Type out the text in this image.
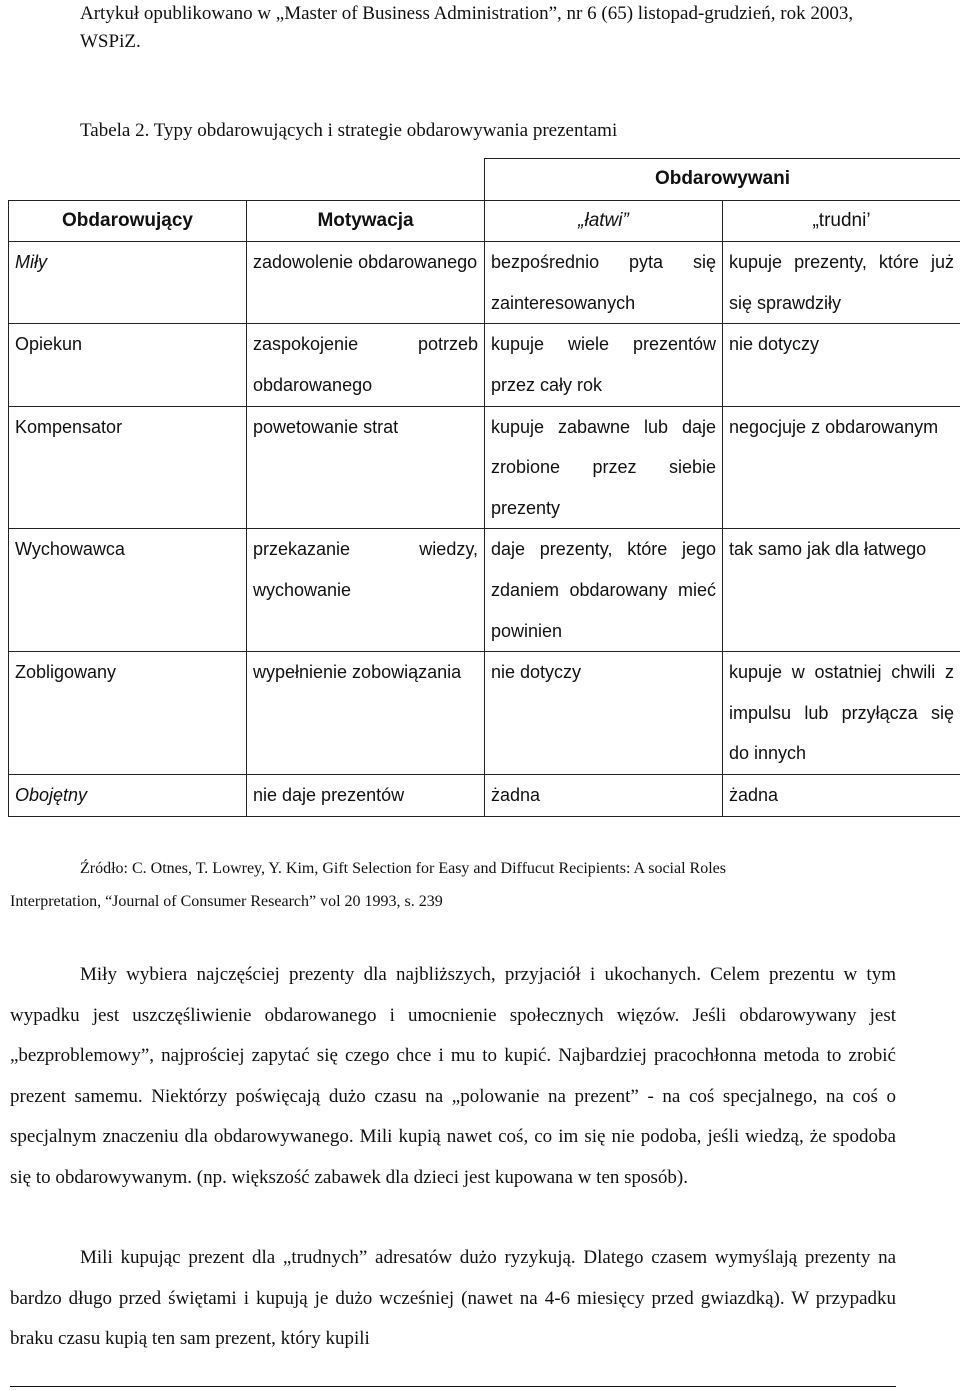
Artykuł opublikowano w „Master of Business Administration”, nr 6 (65) listopad-grudzień, rok 2003, WSPiZ.
Tabela 2. Typy obdarowujących i strategie obdarowywania prezentami
		Obdarowywani	
Obdarowujący	Motywacja	„łatwi”	„trudni’
Miły	zadowolenie obdarowanego	bezpośrednio pyta się zainteresowanych	kupuje prezenty, które już się sprawdziły
Opiekun	zaspokojenie potrzeb obdarowanego	kupuje wiele prezentów przez cały rok	nie dotyczy
Kompensator	powetowanie strat	kupuje zabawne lub daje zrobione przez siebie prezenty	negocjuje z obdarowanym
Wychowawca	przekazanie wiedzy, wychowanie	daje prezenty, które jego zdaniem obdarowany mieć powinien	tak samo jak dla łatwego
Zobligowany	wypełnienie zobowiązania	nie dotyczy	kupuje w ostatniej chwili z impulsu lub przyłącza się do innych
Obojętny	nie daje prezentów	żadna	żadna
Źródło: C. Otnes, T. Lowrey, Y. Kim, Gift Selection for Easy and Diffucut Recipients: A social Roles
Interpretation, “Journal of Consumer Research” vol 20 1993, s. 239
Miły wybiera najczęściej prezenty dla najbliższych, przyjaciół i ukochanych. Celem prezentu w tym wypadku jest uszczęśliwienie obdarowanego i umocnienie społecznych więzów. Jeśli obdarowywany jest „bezproblemowy”, najprościej zapytać się czego chce i mu to kupić. Najbardziej pracochłonna metoda to zrobić prezent samemu. Niektórzy poświęcają dużo czasu na „polowanie na prezent” - na coś specjalnego, na coś o specjalnym znaczeniu dla obdarowywanego. Mili kupią nawet coś, co im się nie podoba, jeśli wiedzą, że spodoba się to obdarowywanym. (np. większość zabawek dla dzieci jest kupowana w ten sposób).
Mili kupując prezent dla „trudnych” adresatów dużo ryzykują. Dlatego czasem wymyślają prezenty na bardzo długo przed świętami i kupują je dużo wcześniej (nawet na 4-6 miesięcy przed gwiazdką). W przypadku braku czasu kupią ten sam prezent, który kupili
